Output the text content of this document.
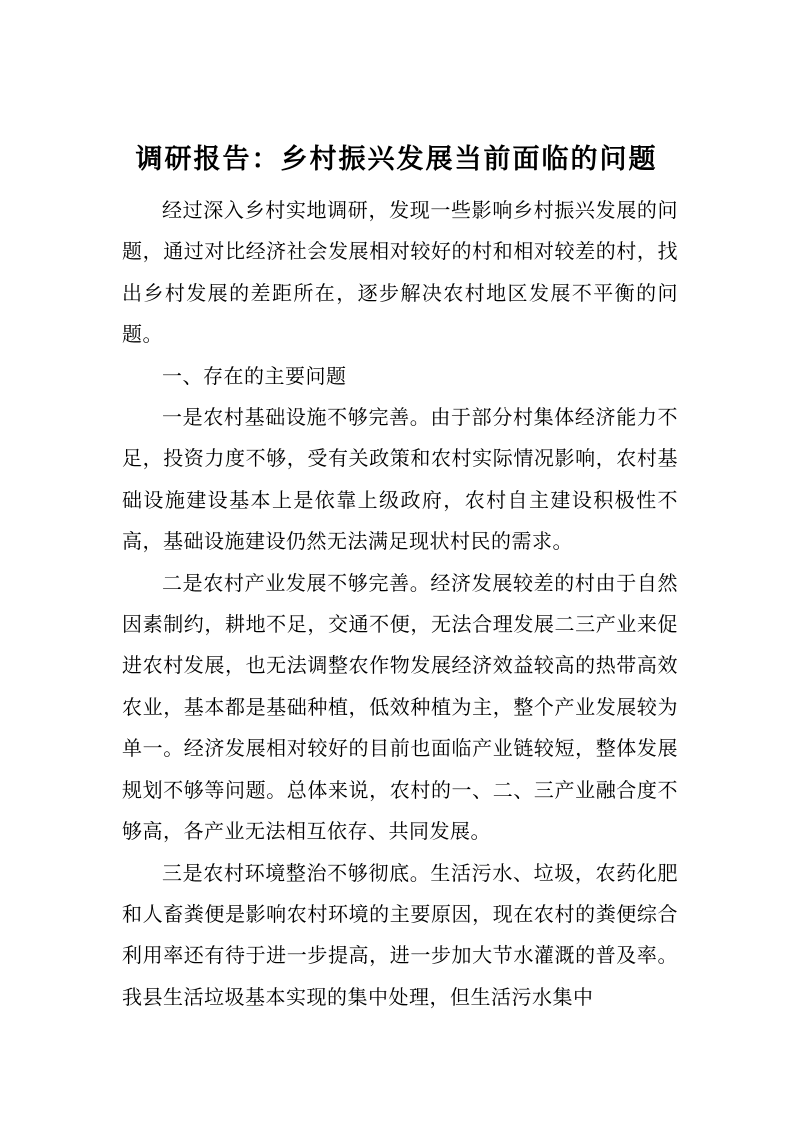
调研报告：乡村振兴发展当前面临的问题

经过深入乡村实地调研，发现一些影响乡村振兴发展的问题，通过对比经济社会发展相对较好的村和相对较差的村，找出乡村发展的差距所在，逐步解决农村地区发展不平衡的问题。

一、存在的主要问题

一是农村基础设施不够完善。由于部分村集体经济能力不足，投资力度不够，受有关政策和农村实际情况影响，农村基础设施建设基本上是依靠上级政府，农村自主建设积极性不高，基础设施建设仍然无法满足现状村民的需求。

二是农村产业发展不够完善。经济发展较差的村由于自然因素制约，耕地不足，交通不便，无法合理发展二三产业来促进农村发展，也无法调整农作物发展经济效益较高的热带高效农业，基本都是基础种植，低效种植为主，整个产业发展较为单一。经济发展相对较好的目前也面临产业链较短，整体发展规划不够等问题。总体来说，农村的一、二、三产业融合度不够高，各产业无法相互依存、共同发展。

三是农村环境整治不够彻底。生活污水、垃圾，农药化肥和人畜粪便是影响农村环境的主要原因，现在农村的粪便综合利用率还有待于进一步提高，进一步加大节水灌溉的普及率。我县生活垃圾基本实现的集中处理，但生活污水集中
